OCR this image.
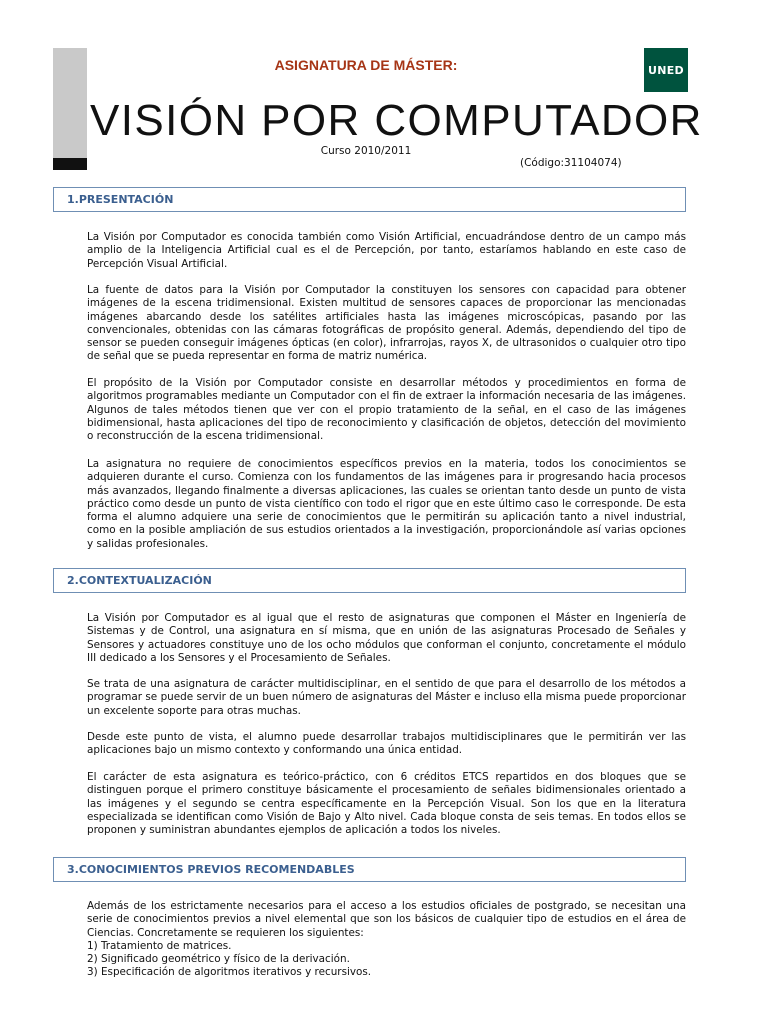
ASIGNATURA DE MÁSTER:	UNED
VISIÓN POR COMPUTADOR
Curso 2010/2011
(Código:31104074)
1.PRESENTACIÓN

La Visión por Computador es conocida también como Visión Artificial, encuadrándose dentro de un campo más amplio de la Inteligencia Artificial cual es el de Percepción, por tanto, estaríamos hablando en este caso de Percepción Visual Artificial.

La fuente de datos para la Visión por Computador la constituyen los sensores con capacidad para obtener imágenes de la escena tridimensional. Existen multitud de sensores capaces de proporcionar las mencionadas imágenes abarcando desde los satélites artificiales hasta las imágenes microscópicas, pasando por las convencionales, obtenidas con las cámaras fotográficas de propósito general. Además, dependiendo del tipo de sensor se pueden conseguir imágenes ópticas (en color), infrarrojas, rayos X, de ultrasonidos o cualquier otro tipo de señal que se pueda representar en forma de matriz numérica.

El propósito de la Visión por Computador consiste en desarrollar métodos y procedimientos en forma de algoritmos programables mediante un Computador con el fin de extraer la información necesaria de las imágenes. Algunos de tales métodos tienen que ver con el propio tratamiento de la señal, en el caso de las imágenes bidimensional, hasta aplicaciones del tipo de reconocimiento y clasificación de objetos, detección del movimiento o reconstrucción de la escena tridimensional.

La asignatura no requiere de conocimientos específicos previos en la materia, todos los conocimientos se adquieren durante el curso. Comienza con los fundamentos de las imágenes para ir progresando hacia procesos más avanzados, llegando finalmente a diversas aplicaciones, las cuales se orientan tanto desde un punto de vista práctico como desde un punto de vista científico con todo el rigor que en este último caso le corresponde. De esta forma el alumno adquiere una serie de conocimientos que le permitirán su aplicación tanto a nivel industrial, como en la posible ampliación de sus estudios orientados a la investigación, proporcionándole así varias opciones y salidas profesionales.

2.CONTEXTUALIZACIÓN

La Visión por Computador es al igual que el resto de asignaturas que componen el Máster en Ingeniería de Sistemas y de Control, una asignatura en sí misma, que en unión de las asignaturas Procesado de Señales y Sensores y actuadores constituye uno de los ocho módulos que conforman el conjunto, concretamente el módulo III dedicado a los Sensores y el Procesamiento de Señales.

Se trata de una asignatura de carácter multidisciplinar, en el sentido de que para el desarrollo de los métodos a programar se puede servir de un buen número de asignaturas del Máster e incluso ella misma puede proporcionar un excelente soporte para otras muchas.

Desde este punto de vista, el alumno puede desarrollar trabajos multidisciplinares que le permitirán ver las aplicaciones bajo un mismo contexto y conformando una única entidad.

El carácter de esta asignatura es teórico-práctico, con 6 créditos ETCS repartidos en dos bloques que se distinguen porque el primero constituye básicamente el procesamiento de señales bidimensionales orientado a las imágenes y el segundo se centra específicamente en la Percepción Visual. Son los que en la literatura especializada se identifican como Visión de Bajo y Alto nivel. Cada bloque consta de seis temas. En todos ellos se proponen y suministran abundantes ejemplos de aplicación a todos los niveles.

3.CONOCIMIENTOS PREVIOS RECOMENDABLES

Además de los estrictamente necesarios para el acceso a los estudios oficiales de postgrado, se necesitan una serie de conocimientos previos a nivel elemental que son los básicos de cualquier tipo de estudios en el área de Ciencias. Concretamente se requieren los siguientes:

1) Tratamiento de matrices.

2) Significado geométrico y físico de la derivación.

3) Especificación de algoritmos iterativos y recursivos.
